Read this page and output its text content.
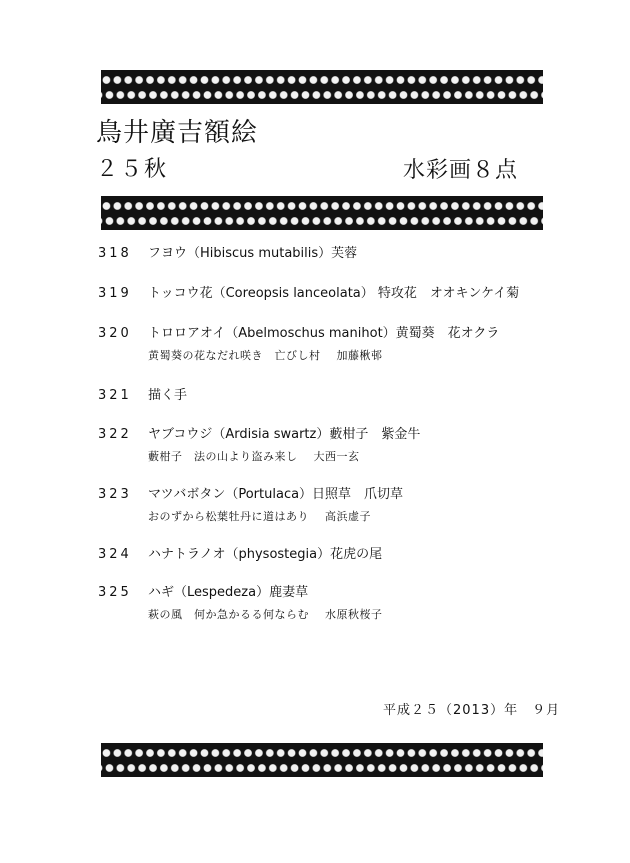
鳥井廣吉額絵
２５秋	水彩画８点
318 フヨウ（Hibiscus mutabilis）芙蓉
319 トッコウ花（Coreopsis lanceolata） 特攻花　オオキンケイ菊
320 トロロアオイ（Abelmoschus manihot）黄蜀葵　花オクラ
黄蜀葵の花なだれ咲き　亡びし村 加藤楸邨
321 描く手
322 ヤブコウジ（Ardisia swartz）藪柑子　紫金牛
藪柑子　法の山より盗み来し 大西一玄
323 マツバボタン（Portulaca）日照草　爪切草
おのずから松葉牡丹に道はあり 高浜虚子
324 ハナトラノオ（physostegia）花虎の尾
325 ハギ（Lespedeza）鹿妻草
萩の風　何か急かるる何ならむ 水原秋桜子
平成２５（2013）年　９月
